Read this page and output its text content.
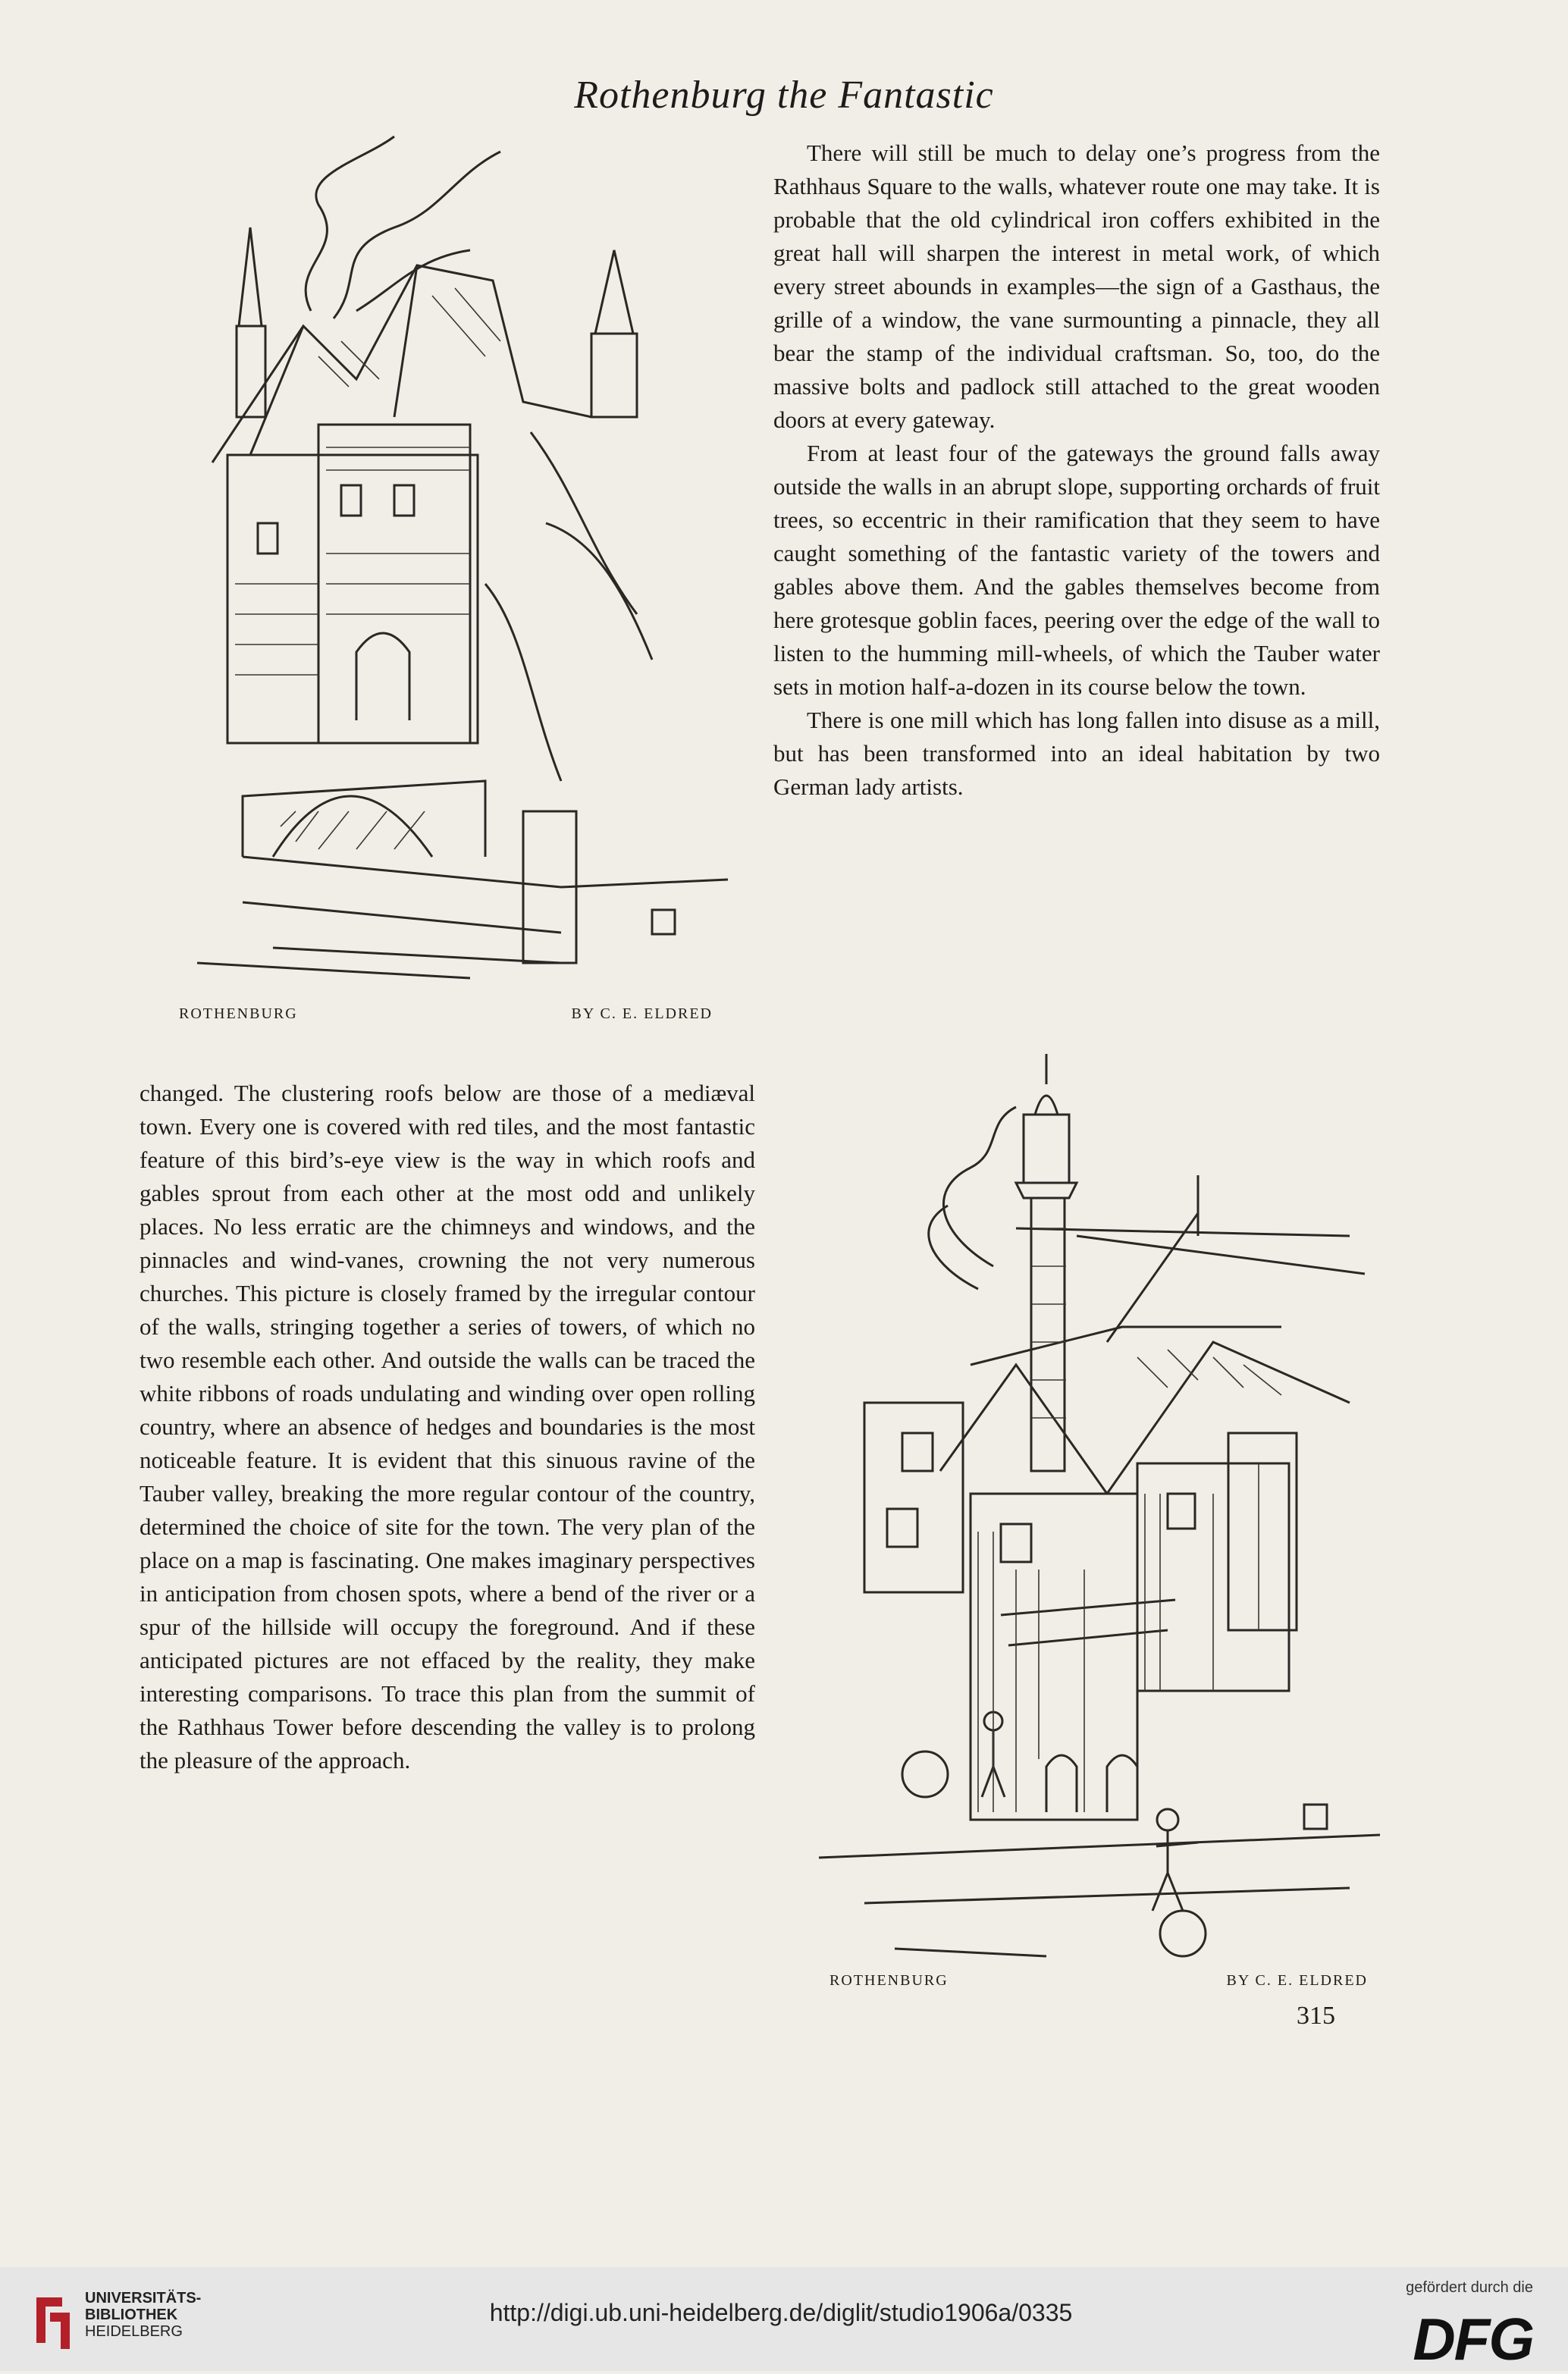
Rothenburg the Fantastic
ROTHENBURG	BY C. E. ELDRED

There will still be much to delay one’s progress from the Rathhaus Square to the walls, whatever route one may take. It is probable that the old cylindrical iron coffers exhibited in the great hall will sharpen the interest in metal work, of which every street abounds in examples—the sign of a Gasthaus, the grille of a window, the vane surmounting a pinnacle, they all bear the stamp of the individual craftsman. So, too, do the massive bolts and padlock still attached to the great wooden doors at every gateway.

From at least four of the gateways the ground falls away outside the walls in an abrupt slope, supporting orchards of fruit trees, so eccentric in their ramification that they seem to have caught something of the fantastic variety of the towers and gables above them. And the gables themselves become from here grotesque goblin faces, peering over the edge of the wall to listen to the humming mill-wheels, of which the Tauber water sets in motion half-a-dozen in its course below the town.

There is one mill which has long fallen into disuse as a mill, but has been transformed into an ideal habitation by two German lady artists.

changed. The clustering roofs below are those of a mediæval town. Every one is covered with red tiles, and the most fantastic feature of this bird’s-eye view is the way in which roofs and gables sprout from each other at the most odd and unlikely places. No less erratic are the chimneys and windows, and the pinnacles and wind-vanes, crowning the not very numerous churches. This picture is closely framed by the irregular contour of the walls, stringing together a series of towers, of which no two resemble each other. And outside the walls can be traced the white ribbons of roads undulating and winding over open rolling country, where an absence of hedges and boundaries is the most noticeable feature. It is evident that this sinuous ravine of the Tauber valley, breaking the more regular contour of the country, determined the choice of site for the town. The very plan of the place on a map is fascinating. One makes imaginary perspectives in anticipation from chosen spots, where a bend of the river or a spur of the hillside will occupy the foreground. And if these anticipated pictures are not effaced by the reality, they make interesting comparisons. To trace this plan from the summit of the Rathhaus Tower before descending the valley is to prolong the pleasure of the approach.

ROTHENBURG	BY C. E. ELDRED
315
UNIVERSITÄTS-
BIBLIOTHEK
HEIDELBERG
http://digi.ub.uni-heidelberg.de/diglit/studio1906a/0335
gefördert durch die
DFG
